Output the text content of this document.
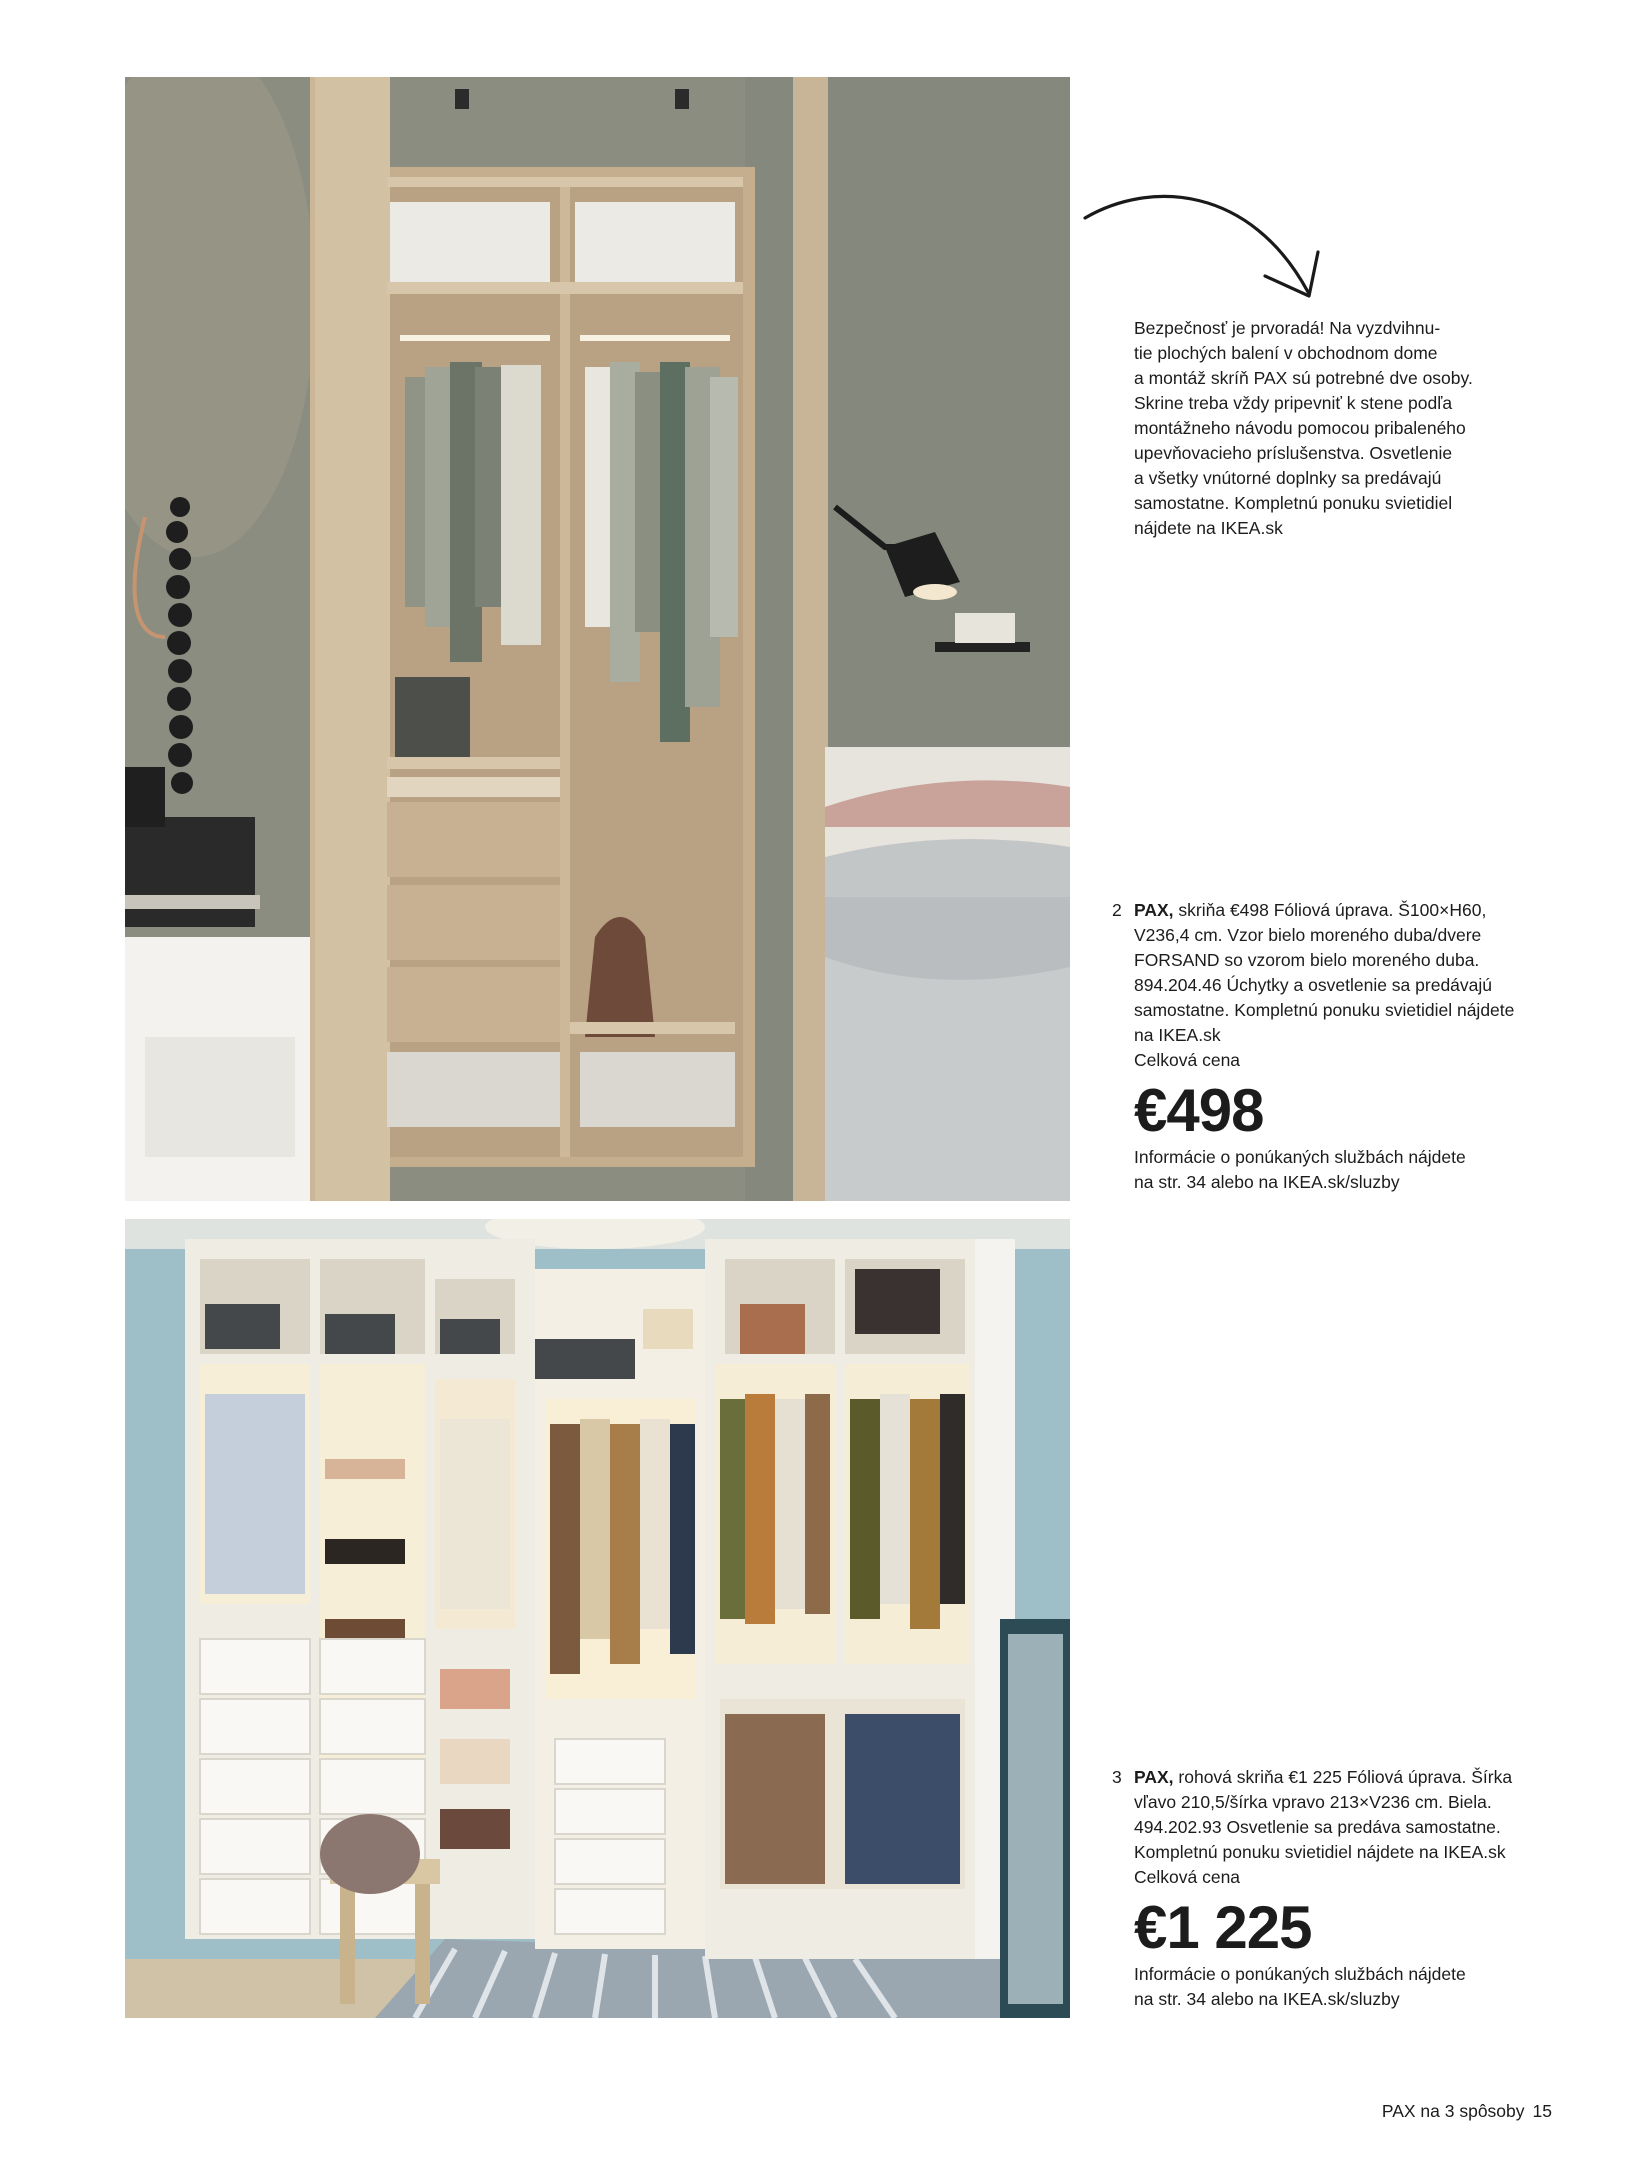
Bezpečnosť je prvoradá! Na vyzdvihnu-
tie plochých balení v obchodnom dome
a montáž skríň PAX sú potrebné dve osoby.
Skrine treba vždy pripevniť k stene podľa
montážneho návodu pomocou pribaleného
upevňovacieho príslušenstva. Osvetlenie
a všetky vnútorné doplnky sa predávajú
samostatne. Kompletnú ponuku svietidiel
nájdete na IKEA.sk
2 PAX, skriňa €498 Fóliová úprava. Š100×H60,
V236,4 cm. Vzor bielo moreného duba/dvere
FORSAND so vzorom bielo moreného duba.
894.204.46 Úchytky a osvetlenie sa predávajú
samostatne. Kompletnú ponuku svietidiel nájdete
na IKEA.sk
Celková cena
€498
Informácie o ponúkaných službách nájdete
na str. 34 alebo na IKEA.sk/sluzby
3 PAX, rohová skriňa €1 225 Fóliová úprava. Šírka
vľavo 210,5/šírka vpravo 213×V236 cm. Biela.
494.202.93 Osvetlenie sa predáva samostatne.
Kompletnú ponuku svietidiel nájdete na IKEA.sk
Celková cena
€1 225
Informácie o ponúkaných službách nájdete
na str. 34 alebo na IKEA.sk/sluzby
PAX na 3 spôsoby 15
